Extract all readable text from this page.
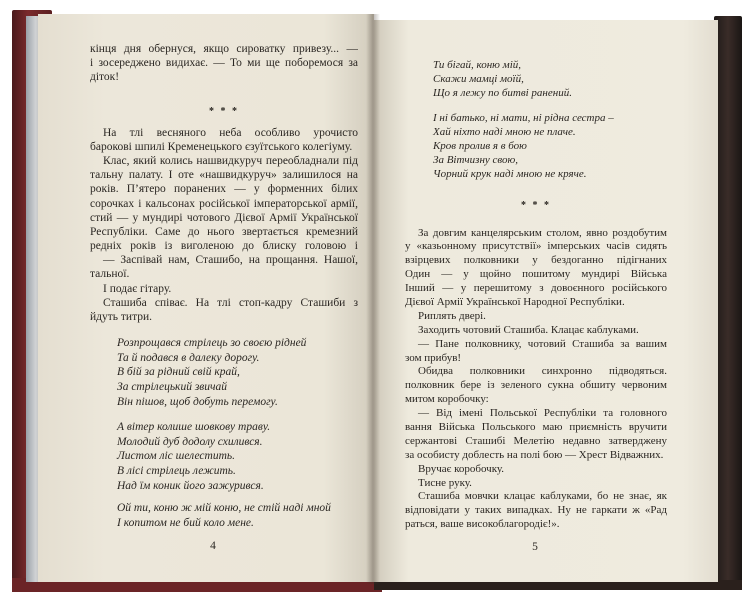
кінця дня обернуся, якщо сироватку привезу... —
і зосереджено видихає. — То ми ще поборемося за
діток!
* * *
На тлі весняного неба особливо урочисто
барокові шпилі Кременецького єзуїтського колегіуму.
Клас, який колись нашвидкуруч переобладнали під
тальну палату. І оте «нашвидкуруч» залишилося на
років. П’ятеро поранених — у форменних білих
сорочках і кальсонах російської імператорської армії,
стий — у мундирі чотового Дієвої Армії Української
Республіки. Саме до нього звертається кремезний
редніх років із виголеною до блиску головою і
— Заспівай нам, Сташибо, на прощання. Нашої,
тальної.
І подає гітару.
Сташиба співає. На тлі стоп-кадру Сташиби з
йдуть титри.
Розпрощався стрілець зо своєю рідней
Та й подався в далеку дорогу.
В бій за рідний свій край,
За стрілецький звичай
Він пішов, щоб добуть перемогу.
А вітер колише шовкову траву.
Молодий дуб додолу схилився.
Листом ліс шелестить.
В лісі стрілець лежить.
Над їм коник його зажурився.
Ой ти, коню ж мій коню, не стій наді мной
І копитом не бий коло мене.
4
Ти бігай, коню мій,
Скажи мамці моїй,
Що я лежу по битві ранений.
І ні батько, ні мати, ні рідна сестра –
Хай ніхто наді мною не плаче.
Кров пролив я в бою
За Вітчизну свою,
Чорний крук наді мною не кряче.
* * *
За довгим канцелярським столом, явно роздобутим
у «казьонному присутствії» імперських часів сидять
взірцевих полковники у бездоганно підігнаних
Один — у щойно пошитому мундирі Війська
Інший — у перешитому з довоєнного російського
Дієвої Армії Української Народної Республіки.
Риплять двері.
Заходить чотовий Сташиба. Клацає каблуками.
— Пане полковнику, чотовий Сташиба за вашим
зом прибув!
Обидва полковники синхронно підводяться.
полковник бере із зеленого сукна обшиту червоним
митом коробочку:
— Від імені Польської Республіки та головного
вання Війська Польського маю приємність вручити
сержантові Сташибі Мелетію недавно затверджену
за особисту доблесть на полі бою — Хрест Відважних.
Вручає коробочку.
Тисне руку.
Сташиба мовчки клацає каблуками, бо не знає, як
відповідати у таких випадках. Ну не гаркати ж «Рад
раться, ваше високоблагородіє!».
5
